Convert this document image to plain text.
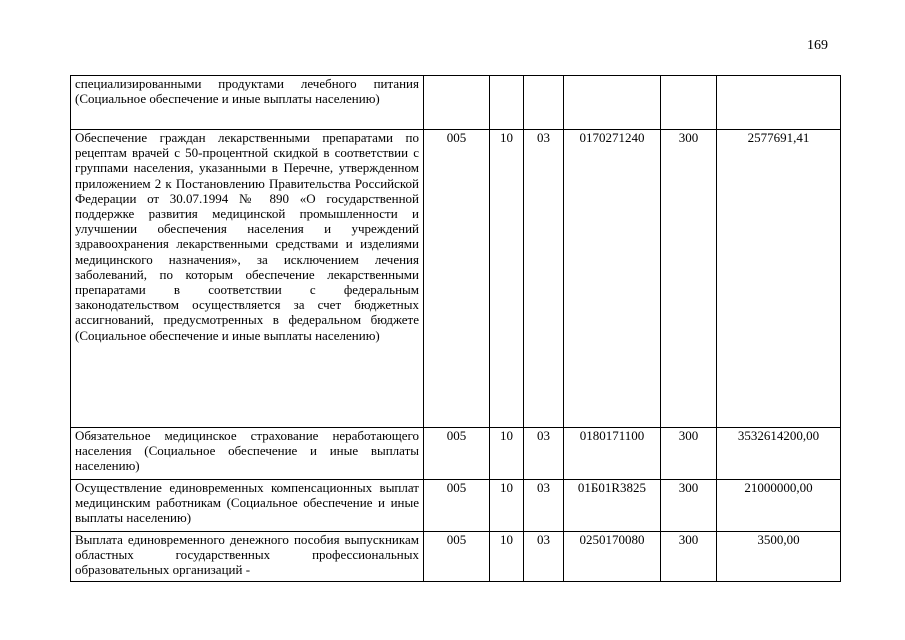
169
специализированными продуктами лечебного питания (Социальное обеспечение и иные выплаты населению)						
Обеспечение граждан лекарственными препаратами по рецептам врачей с 50-процентной скидкой в соответствии с группами населения, указанными в Перечне, утвержденном приложением 2 к Постановлению Правительства Российской Федерации от 30.07.1994 № 890 «О государственной поддержке развития медицинской промышленности и улучшении обеспечения населения и учреждений здравоохранения лекарственными средствами и изделиями медицинского назначения», за исключением лечения заболеваний, по которым обеспечение лекарственными препаратами в соответствии с федеральным законодательством осуществляется за счет бюджетных ассигнований, предусмотренных в федеральном бюджете (Социальное обеспечение и иные выплаты населению)	005	10	03	0170271240	300	2577691,41
Обязательное медицинское страхование неработающего населения (Социальное обеспечение и иные выплаты населению)	005	10	03	0180171100	300	3532614200,00
Осуществление единовременных компенсационных выплат медицинским работникам (Социальное обеспечение и иные выплаты населению)	005	10	03	01Б01R3825	300	21000000,00
Выплата единовременного денежного пособия выпускникам областных государственных профессиональных образовательных организаций -	005	10	03	0250170080	300	3500,00
